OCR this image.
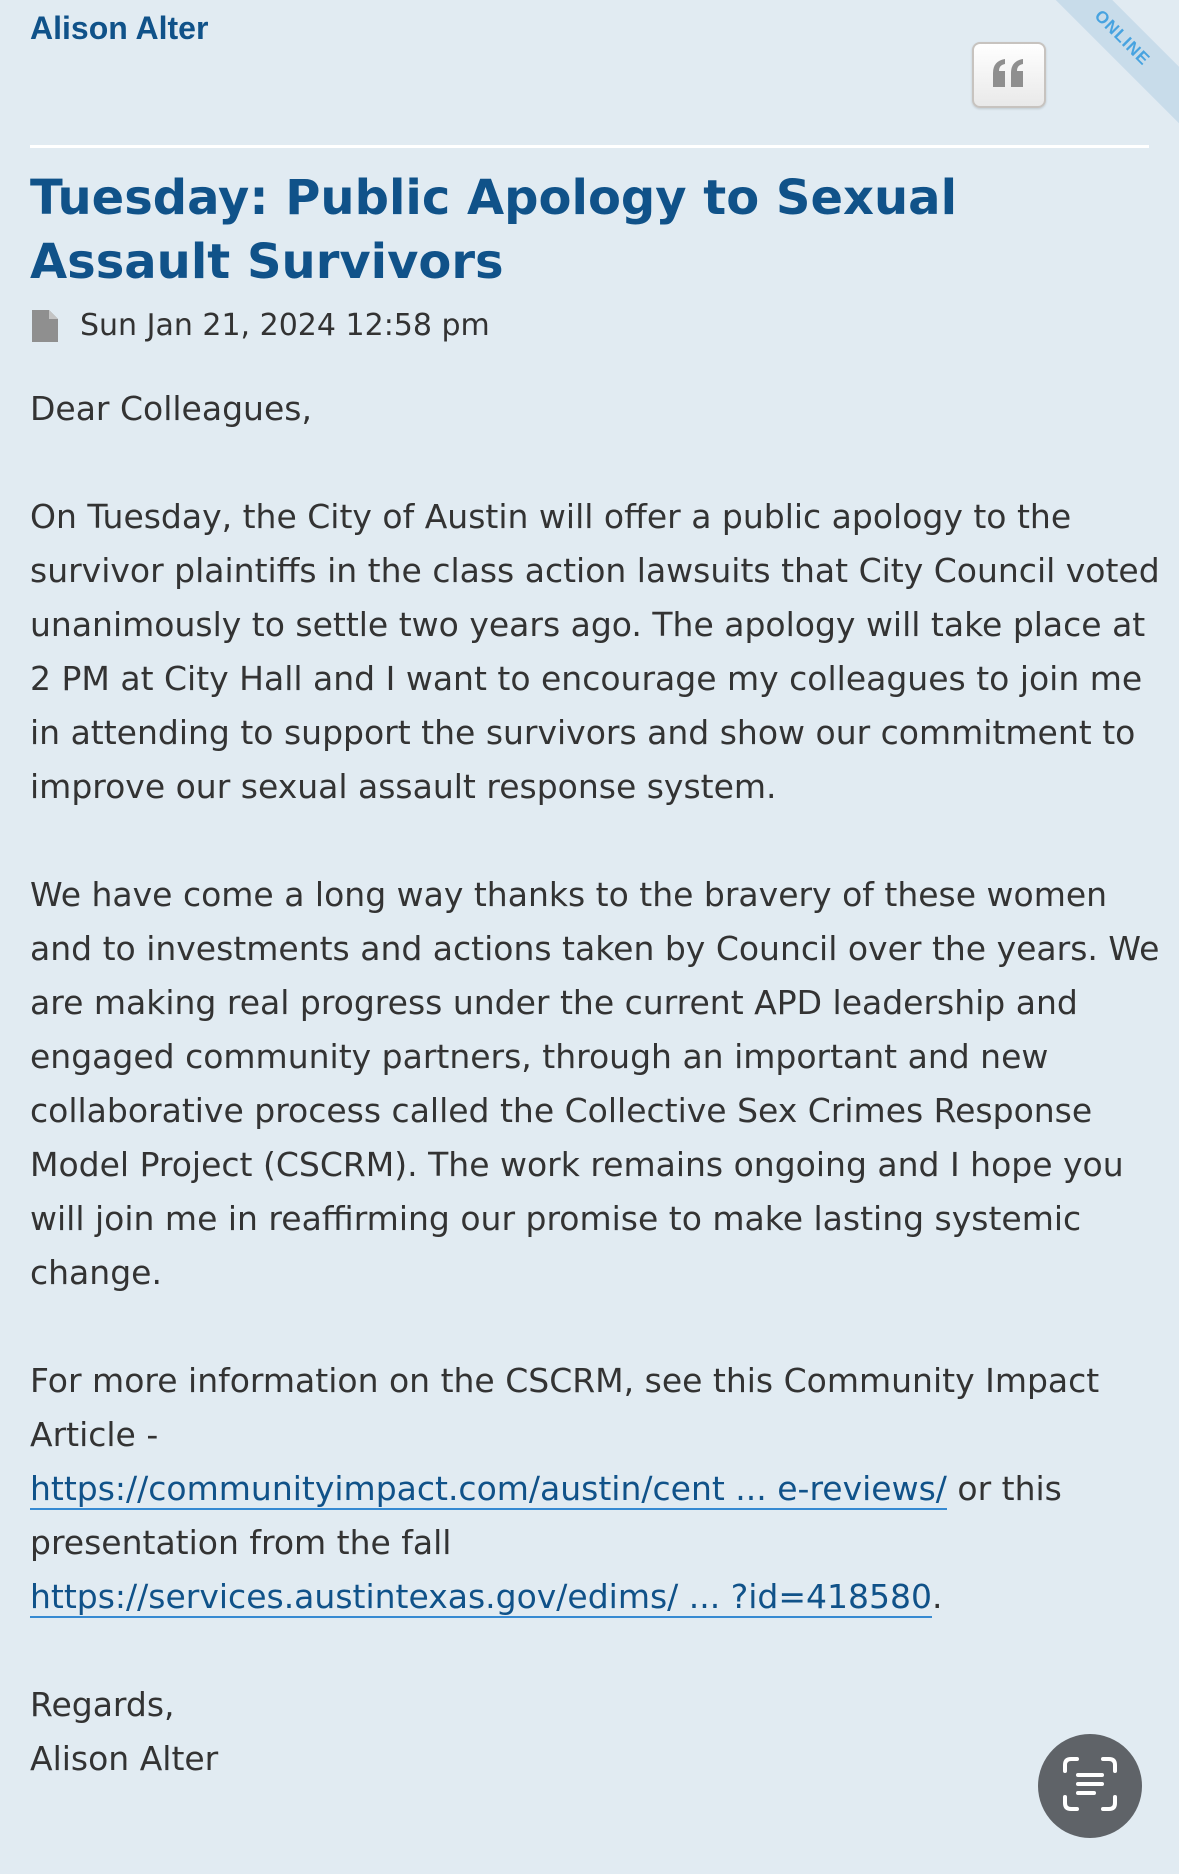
Alison Alter	ONLINE
Tuesday: Public Apology to Sexual Assault Survivors
Sun Jan 21, 2024 12:58 pm

Dear Colleagues,

On Tuesday, the City of Austin will offer a public apology to the survivor plaintiffs in the class action lawsuits that City Council voted unanimously to settle two years ago. The apology will take place at 2 PM at City Hall and I want to encourage my colleagues to join me in attending to support the survivors and show our commitment to improve our sexual assault response system.

We have come a long way thanks to the bravery of these women and to investments and actions taken by Council over the years. We are making real progress under the current APD leadership and engaged community partners, through an important and new collaborative process called the Collective Sex Crimes Response Model Project (CSCRM). The work remains ongoing and I hope you will join me in reaffirming our promise to make lasting systemic change.

For more information on the CSCRM, see this Community Impact Article -
https://communityimpact.com/austin/cent ... e-reviews/ or this presentation from the fall
https://services.austintexas.gov/edims/ ... ?id=418580.

Regards,

Alison Alter
